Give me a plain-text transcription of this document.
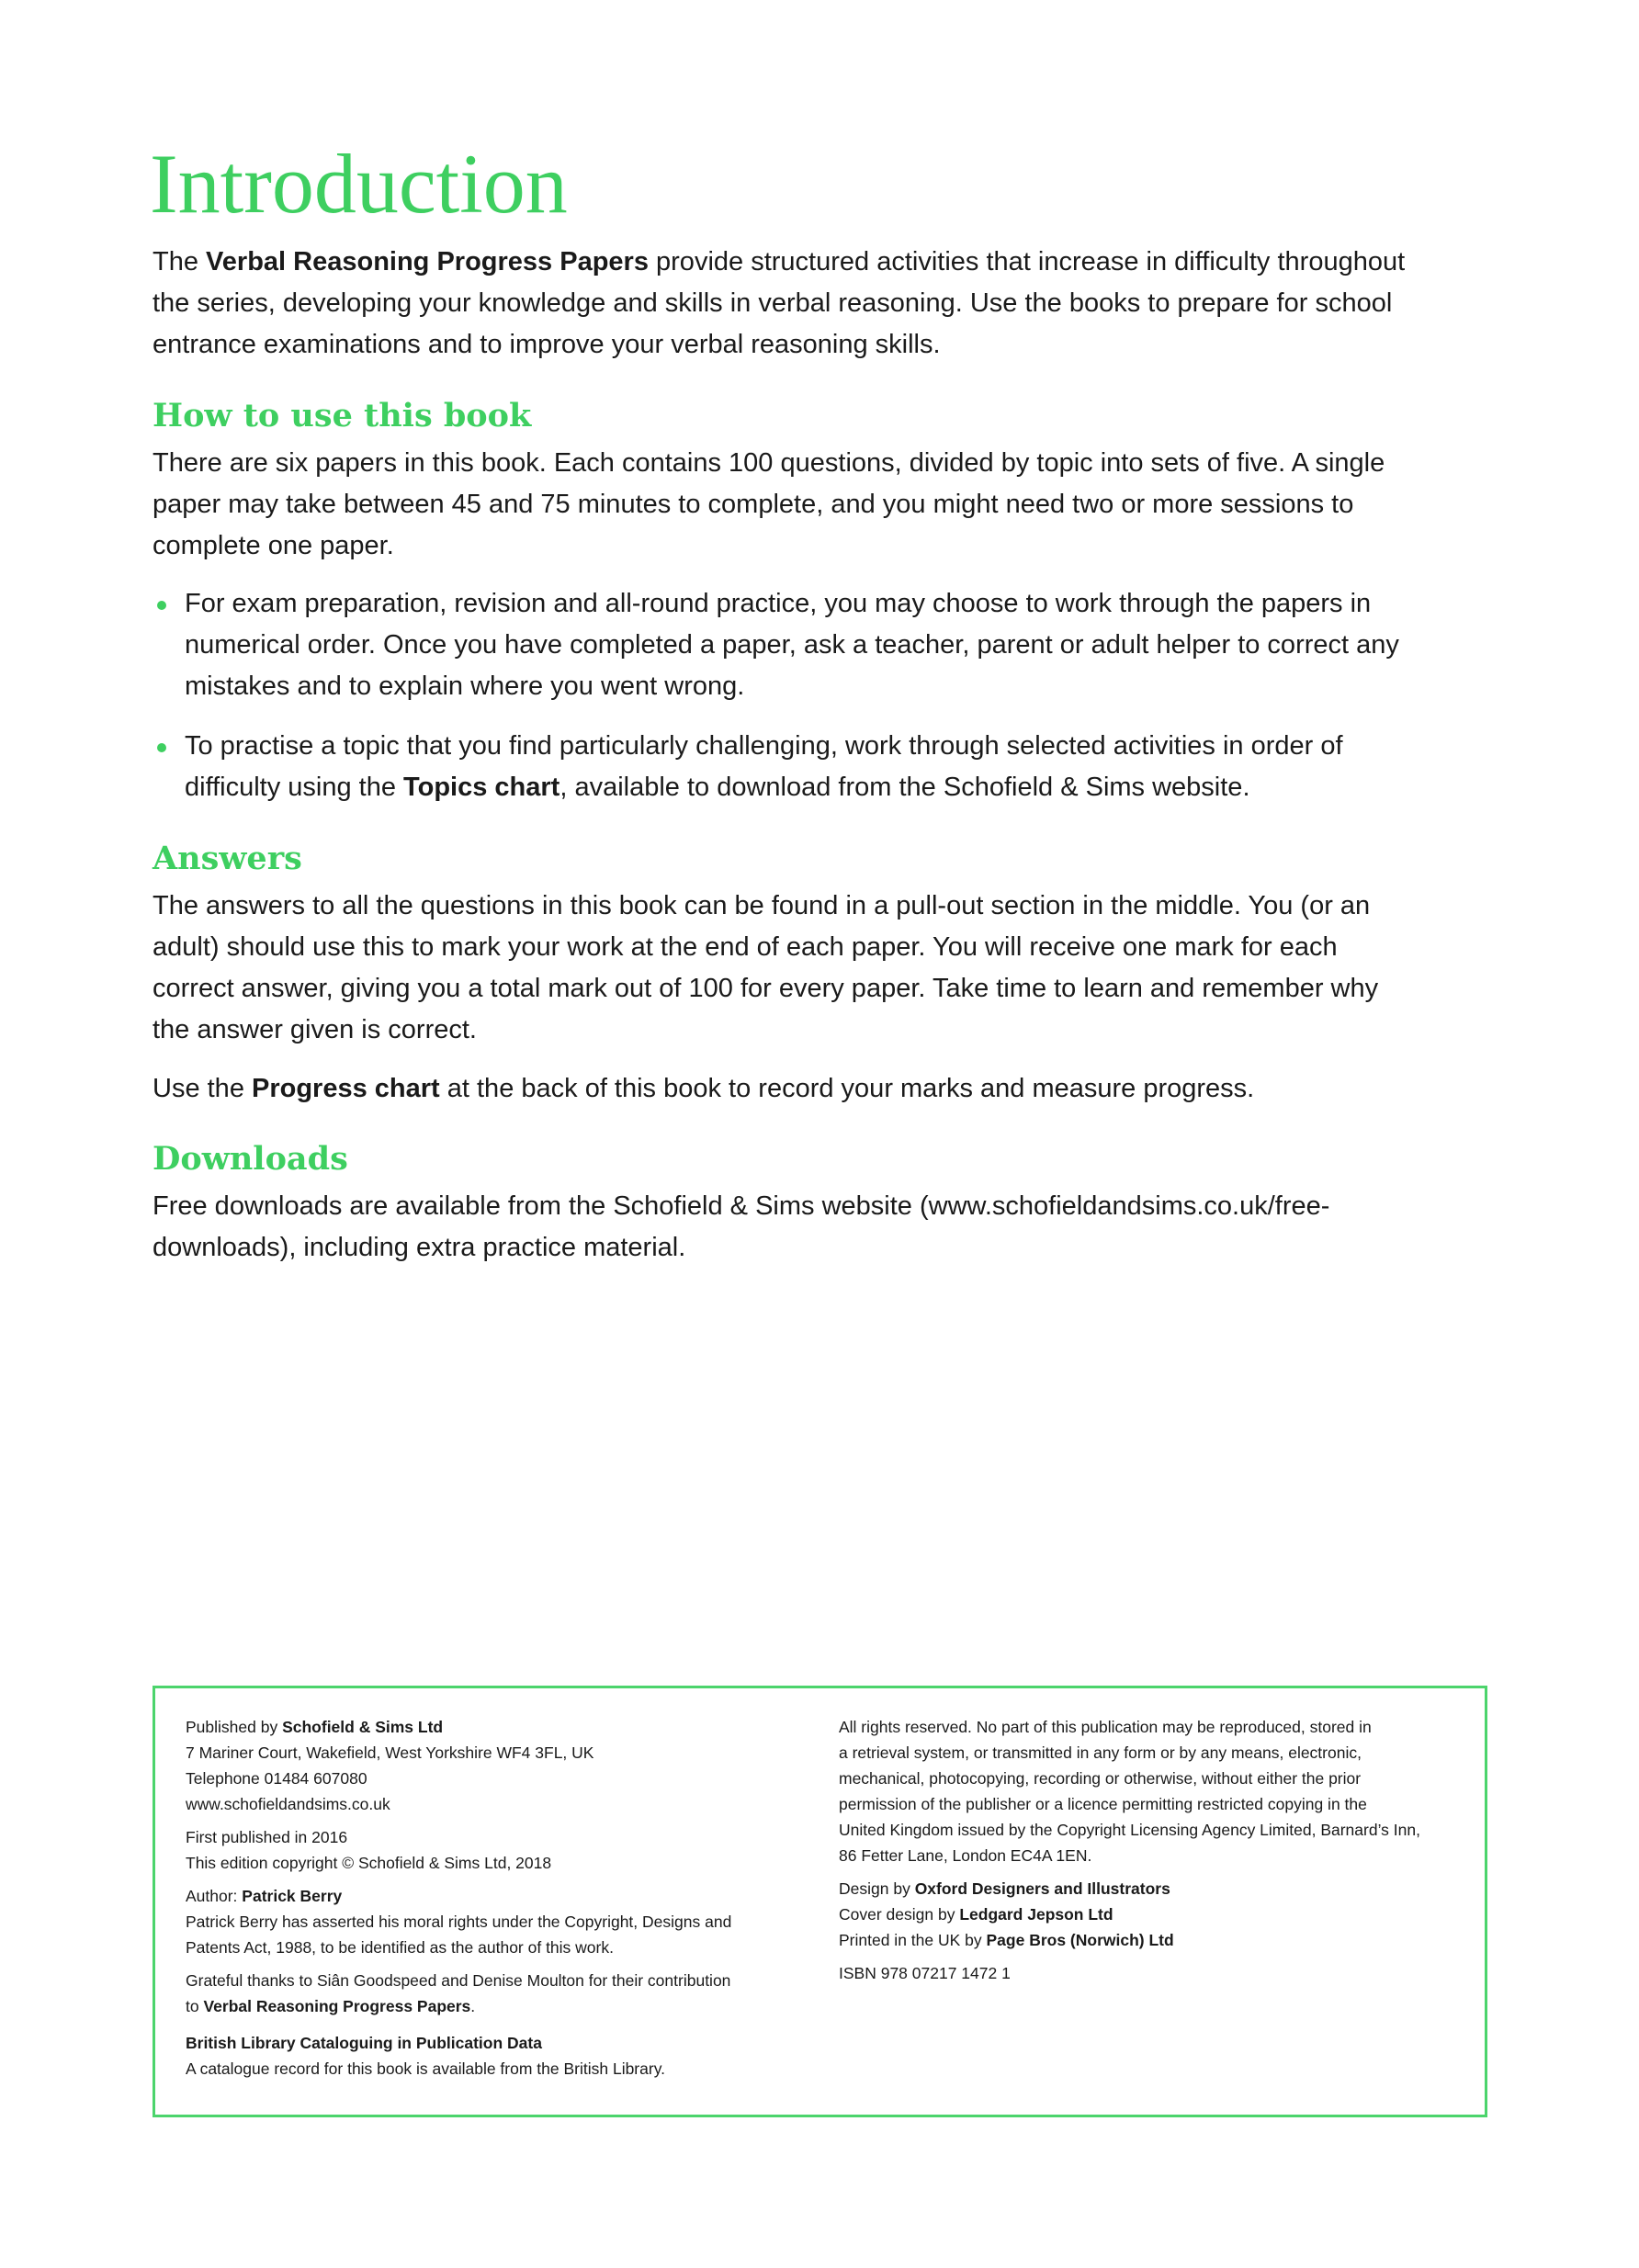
Introduction
The Verbal Reasoning Progress Papers provide structured activities that increase in difficulty throughout
the series, developing your knowledge and skills in verbal reasoning. Use the books to prepare for school
entrance examinations and to improve your verbal reasoning skills.
How to use this book
There are six papers in this book. Each contains 100 questions, divided by topic into sets of five. A single
paper may take between 45 and 75 minutes to complete, and you might need two or more sessions to
complete one paper.
For exam preparation, revision and all-round practice, you may choose to work through the papers in
numerical order. Once you have completed a paper, ask a teacher, parent or adult helper to correct any
mistakes and to explain where you went wrong.
To practise a topic that you find particularly challenging, work through selected activities in order of
difficulty using the Topics chart, available to download from the Schofield & Sims website.
Answers
The answers to all the questions in this book can be found in a pull-out section in the middle. You (or an
adult) should use this to mark your work at the end of each paper. You will receive one mark for each
correct answer, giving you a total mark out of 100 for every paper. Take time to learn and remember why
the answer given is correct.
Use the Progress chart at the back of this book to record your marks and measure progress.
Downloads
Free downloads are available from the Schofield & Sims website (www.schofieldandsims.co.uk/free-
downloads), including extra practice material.

Published by Schofield & Sims Ltd
7 Mariner Court, Wakefield, West Yorkshire WF4 3FL, UK
Telephone 01484 607080
www.schofieldandsims.co.uk

First published in 2016
This edition copyright © Schofield & Sims Ltd, 2018

Author: Patrick Berry
Patrick Berry has asserted his moral rights under the Copyright, Designs and
Patents Act, 1988, to be identified as the author of this work.

Grateful thanks to Siân Goodspeed and Denise Moulton for their contribution
to Verbal Reasoning Progress Papers.

British Library Cataloguing in Publication Data
A catalogue record for this book is available from the British Library.

All rights reserved. No part of this publication may be reproduced, stored in
a retrieval system, or transmitted in any form or by any means, electronic,
mechanical, photocopying, recording or otherwise, without either the prior
permission of the publisher or a licence permitting restricted copying in the
United Kingdom issued by the Copyright Licensing Agency Limited, Barnard’s Inn,
86 Fetter Lane, London EC4A 1EN.

Design by Oxford Designers and Illustrators
Cover design by Ledgard Jepson Ltd
Printed in the UK by Page Bros (Norwich) Ltd

ISBN 978 07217 1472 1
